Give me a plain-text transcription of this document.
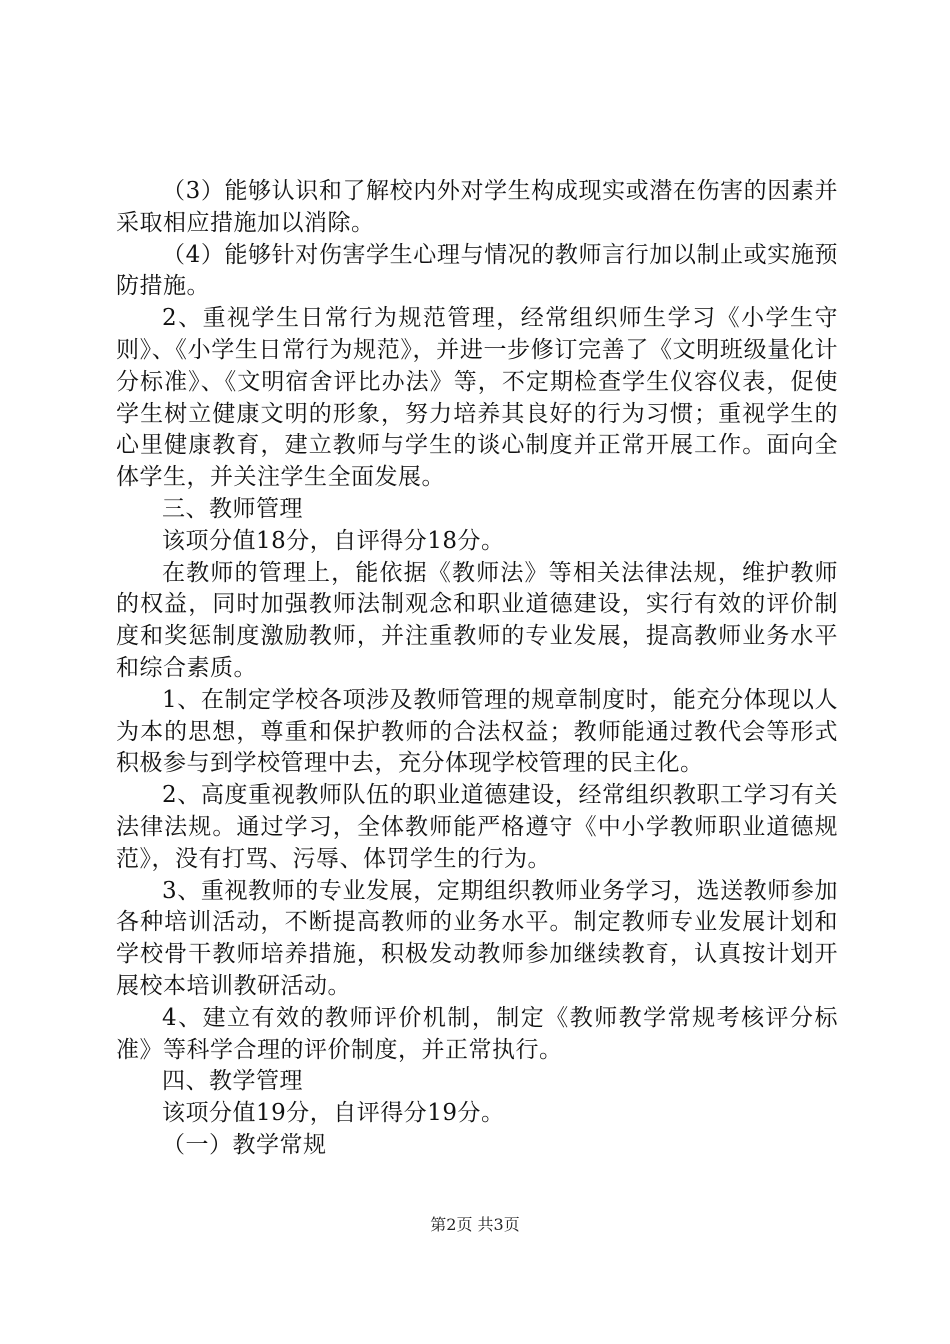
（3）能够认识和了解校内外对学生构成现实或潜在伤害的因素并采取相应措施加以消除。

（4）能够针对伤害学生心理与情况的教师言行加以制止或实施预防措施。

2、重视学生日常行为规范管理，经常组织师生学习《小学生守则》、《小学生日常行为规范》，并进一步修订完善了《文明班级量化计分标准》、《文明宿舍评比办法》等，不定期检查学生仪容仪表，促使学生树立健康文明的形象，努力培养其良好的行为习惯；重视学生的心里健康教育，建立教师与学生的谈心制度并正常开展工作。面向全体学生，并关注学生全面发展。

三、教师管理

该项分值18分，自评得分18分。

在教师的管理上，能依据《教师法》等相关法律法规，维护教师的权益，同时加强教师法制观念和职业道德建设，实行有效的评价制度和奖惩制度激励教师，并注重教师的专业发展，提高教师业务水平和综合素质。

1、在制定学校各项涉及教师管理的规章制度时，能充分体现以人为本的思想，尊重和保护教师的合法权益；教师能通过教代会等形式积极参与到学校管理中去，充分体现学校管理的民主化。

2、高度重视教师队伍的职业道德建设，经常组织教职工学习有关法律法规。通过学习，全体教师能严格遵守《中小学教师职业道德规范》，没有打骂、污辱、体罚学生的行为。

3、重视教师的专业发展，定期组织教师业务学习，选送教师参加各种培训活动，不断提高教师的业务水平。制定教师专业发展计划和学校骨干教师培养措施，积极发动教师参加继续教育，认真按计划开展校本培训教研活动。

4、建立有效的教师评价机制，制定《教师教学常规考核评分标准》等科学合理的评价制度，并正常执行。

四、教学管理

该项分值19分，自评得分19分。

（一）教学常规

第2页 共3页
